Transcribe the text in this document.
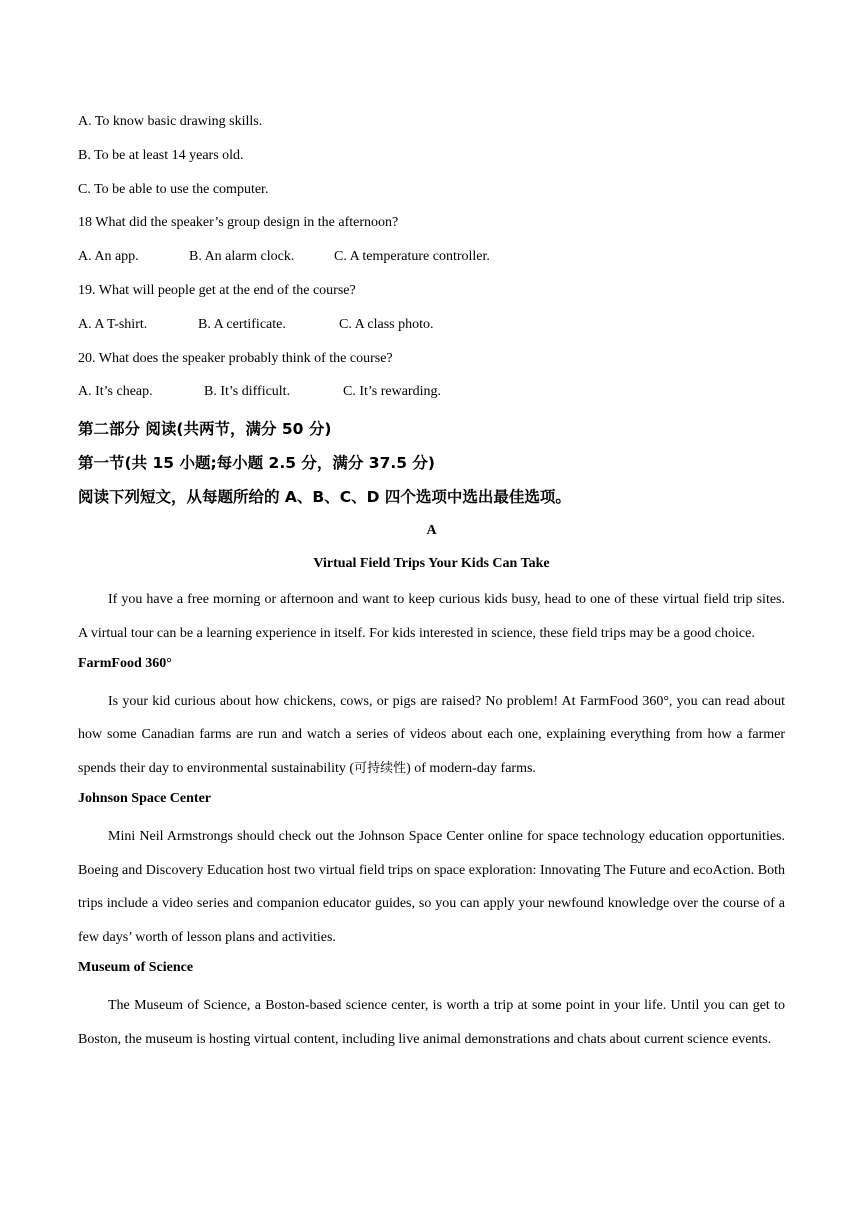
A. To know basic drawing skills.
B. To be at least 14 years old.
C. To be able to use the computer.
18 What did the speaker’s group design in the afternoon?
A. An app.	B. An alarm clock.	C. A temperature controller.
19. What will people get at the end of the course?
A. A T-shirt.	B. A certificate.	C. A class photo.
20. What does the speaker probably think of the course?
A. It’s cheap.	B. It’s difficult.	C. It’s rewarding.
第二部分 阅读(共两节，满分 50 分)
第一节(共 15 小题;每小题 2.5 分，满分 37.5 分)
阅读下列短文，从每题所给的 A、B、C、D 四个选项中选出最佳选项。
A
Virtual Field Trips Your Kids Can Take
If you have a free morning or afternoon and want to keep curious kids busy, head to one of these virtual field trip sites. A virtual tour can be a learning experience in itself. For kids interested in science, these field trips may be a good choice.
FarmFood 360°
Is your kid curious about how chickens, cows, or pigs are raised? No problem! At FarmFood 360°, you can read about how some Canadian farms are run and watch a series of videos about each one, explaining everything from how a farmer spends their day to environmental sustainability (可持续性) of modern-day farms.
Johnson Space Center
Mini Neil Armstrongs should check out the Johnson Space Center online for space technology education opportunities. Boeing and Discovery Education host two virtual field trips on space exploration: Innovating The Future and ecoAction. Both trips include a video series and companion educator guides, so you can apply your newfound knowledge over the course of a few days’ worth of lesson plans and activities.
Museum of Science
The Museum of Science, a Boston-based science center, is worth a trip at some point in your life. Until you can get to Boston, the museum is hosting virtual content, including live animal demonstrations and chats about current science events.
